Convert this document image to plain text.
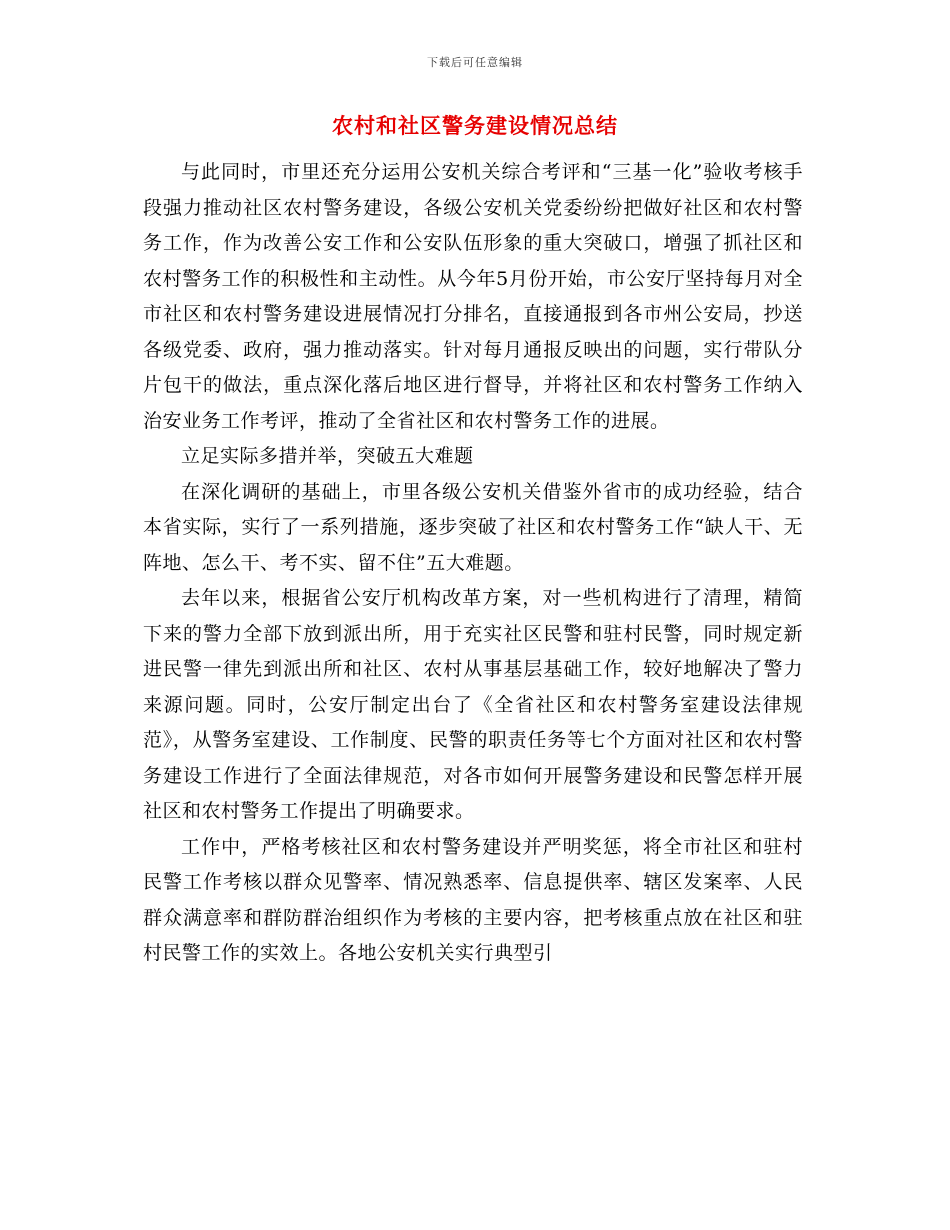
下载后可任意编辑
农村和社区警务建设情况总结

与此同时，市里还充分运用公安机关综合考评和“三基一化”验收考核手段强力推动社区农村警务建设，各级公安机关党委纷纷把做好社区和农村警务工作，作为改善公安工作和公安队伍形象的重大突破口，增强了抓社区和农村警务工作的积极性和主动性。从今年5月份开始，市公安厅坚持每月对全市社区和农村警务建设进展情况打分排名，直接通报到各市州公安局，抄送各级党委、政府，强力推动落实。针对每月通报反映出的问题，实行带队分片包干的做法，重点深化落后地区进行督导，并将社区和农村警务工作纳入治安业务工作考评，推动了全省社区和农村警务工作的进展。

立足实际多措并举，突破五大难题

在深化调研的基础上，市里各级公安机关借鉴外省市的成功经验，结合本省实际，实行了一系列措施，逐步突破了社区和农村警务工作“缺人干、无阵地、怎么干、考不实、留不住”五大难题。

去年以来，根据省公安厅机构改革方案，对一些机构进行了清理，精简下来的警力全部下放到派出所，用于充实社区民警和驻村民警，同时规定新进民警一律先到派出所和社区、农村从事基层基础工作，较好地解决了警力来源问题。同时，公安厅制定出台了《全省社区和农村警务室建设法律规范》，从警务室建设、工作制度、民警的职责任务等七个方面对社区和农村警务建设工作进行了全面法律规范，对各市如何开展警务建设和民警怎样开展社区和农村警务工作提出了明确要求。

工作中，严格考核社区和农村警务建设并严明奖惩，将全市社区和驻村民警工作考核以群众见警率、情况熟悉率、信息提供率、辖区发案率、人民群众满意率和群防群治组织作为考核的主要内容，把考核重点放在社区和驻村民警工作的实效上。各地公安机关实行典型引
